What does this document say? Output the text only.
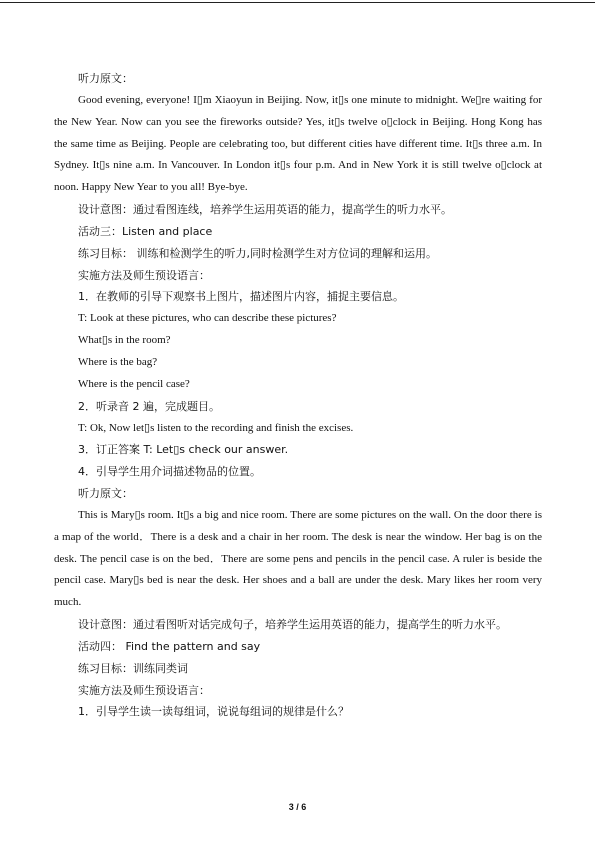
听力原文：

Good evening, everyone! I▯m Xiaoyun in Beijing. Now, it▯s one minute to midnight. We▯re waiting for the New Year. Now can you see the fireworks outside? Yes, it▯s twelve o▯clock in Beijing. Hong Kong has the same time as Beijing. People are celebrating too, but different cities have different time. It▯s three a.m. In Sydney. It▯s nine a.m. In Vancouver. In London it▯s four p.m. And in New York it is still twelve o▯clock at noon. Happy New Year to you all! Bye-bye.

设计意图：通过看图连线，培养学生运用英语的能力，提高学生的听力水平。

活动三：Listen and place

练习目标： 训练和检测学生的听力,同时检测学生对方位词的理解和运用。

实施方法及师生预设语言：

1．在教师的引导下观察书上图片，描述图片内容，捕捉主要信息。

T: Look at these pictures, who can describe these pictures?

What▯s in the room?

Where is the bag?

Where is the pencil case?

2．听录音 2 遍，完成题目。

T: Ok, Now let▯s listen to the recording and finish the excises.

3．订正答案 T: Let▯s check our answer.

4．引导学生用介词描述物品的位置。

听力原文：

This is Mary▯s room. It▯s a big and nice room. There are some pictures on the wall. On the door there is a map of the world．There is a desk and a chair in her room. The desk is near the window. Her bag is on the desk. The pencil case is on the bed．There are some pens and pencils in the pencil case. A ruler is beside the pencil case. Mary▯s bed is near the desk. Her shoes and a ball are under the desk. Mary likes her room very much.

设计意图：通过看图听对话完成句子，培养学生运用英语的能力，提高学生的听力水平。

活动四： Find the pattern and say

练习目标：训练同类词

实施方法及师生预设语言：

1．引导学生读一读每组词，说说每组词的规律是什么？

3 / 6
